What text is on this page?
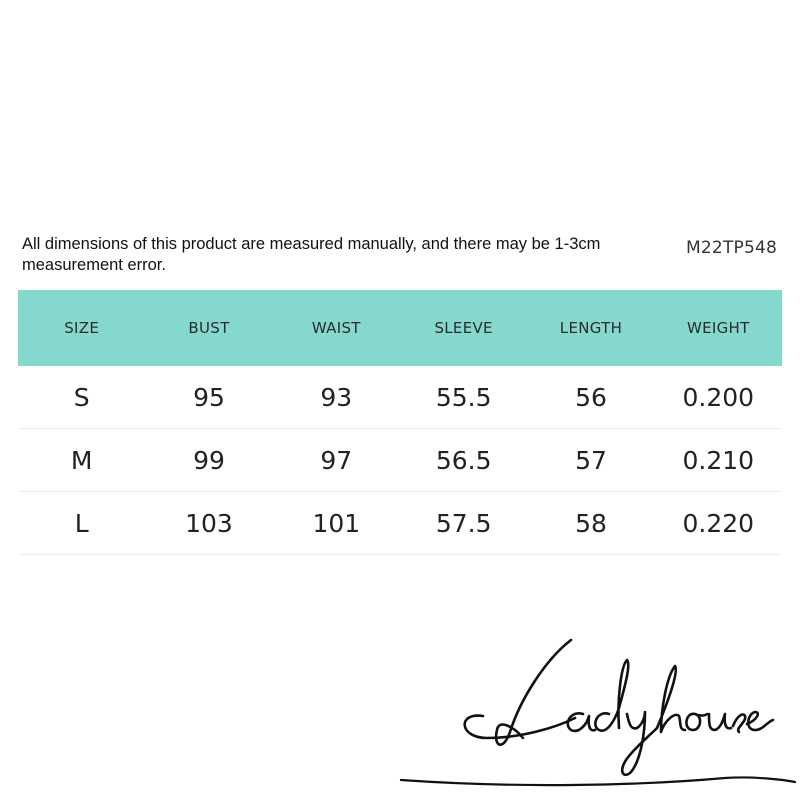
All dimensions of this product are measured manually, and there may be 1-3cm measurement error.
M22TP548
SIZE	BUST	WAIST	SLEEVE	LENGTH	WEIGHT
S	95	93	55.5	56	0.200
M	99	97	56.5	57	0.210
L	103	101	57.5	58	0.220
